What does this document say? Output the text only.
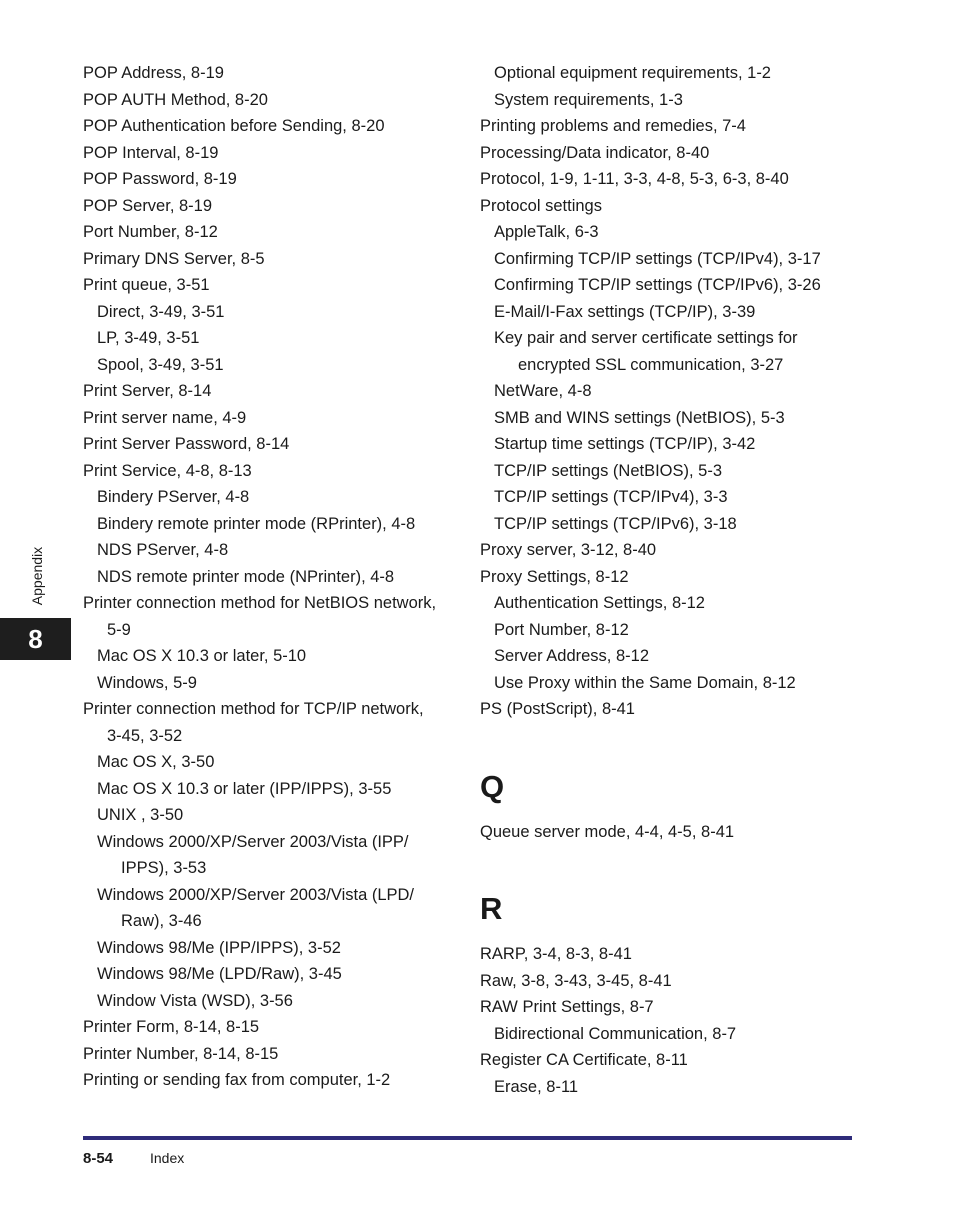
Appendix
8
POP Address, 8-19
POP AUTH Method, 8-20
POP Authentication before Sending, 8-20
POP Interval, 8-19
POP Password, 8-19
POP Server, 8-19
Port Number, 8-12
Primary DNS Server, 8-5
Print queue, 3-51
Direct, 3-49, 3-51
LP, 3-49, 3-51
Spool, 3-49, 3-51
Print Server, 8-14
Print server name, 4-9
Print Server Password, 8-14
Print Service, 4-8, 8-13
Bindery PServer, 4-8
Bindery remote printer mode (RPrinter), 4-8
NDS PServer, 4-8
NDS remote printer mode (NPrinter), 4-8
Printer connection method for NetBIOS network,
5-9
Mac OS X 10.3 or later, 5-10
Windows, 5-9
Printer connection method for TCP/IP network,
3-45, 3-52
Mac OS X, 3-50
Mac OS X 10.3 or later (IPP/IPPS), 3-55
UNIX , 3-50
Windows 2000/XP/Server 2003/Vista (IPP/
IPPS), 3-53
Windows 2000/XP/Server 2003/Vista (LPD/
Raw), 3-46
Windows 98/Me (IPP/IPPS), 3-52
Windows 98/Me (LPD/Raw), 3-45
Window Vista (WSD), 3-56
Printer Form, 8-14, 8-15
Printer Number, 8-14, 8-15
Printing or sending fax from computer, 1-2
Optional equipment requirements, 1-2
System requirements, 1-3
Printing problems and remedies, 7-4
Processing/Data indicator, 8-40
Protocol, 1-9, 1-11, 3-3, 4-8, 5-3, 6-3, 8-40
Protocol settings
AppleTalk, 6-3
Confirming TCP/IP settings (TCP/IPv4), 3-17
Confirming TCP/IP settings (TCP/IPv6), 3-26
E-Mail/I-Fax settings (TCP/IP), 3-39
Key pair and server certificate settings for
encrypted SSL communication, 3-27
NetWare, 4-8
SMB and WINS settings (NetBIOS), 5-3
Startup time settings (TCP/IP), 3-42
TCP/IP settings (NetBIOS), 5-3
TCP/IP settings (TCP/IPv4), 3-3
TCP/IP settings (TCP/IPv6), 3-18
Proxy server, 3-12, 8-40
Proxy Settings, 8-12
Authentication Settings, 8-12
Port Number, 8-12
Server Address, 8-12
Use Proxy within the Same Domain, 8-12
PS (PostScript), 8-41
Q
Queue server mode, 4-4, 4-5, 8-41
R
RARP, 3-4, 8-3, 8-41
Raw, 3-8, 3-43, 3-45, 8-41
RAW Print Settings, 8-7
Bidirectional Communication, 8-7
Register CA Certificate, 8-11
Erase, 8-11
8-54	Index
